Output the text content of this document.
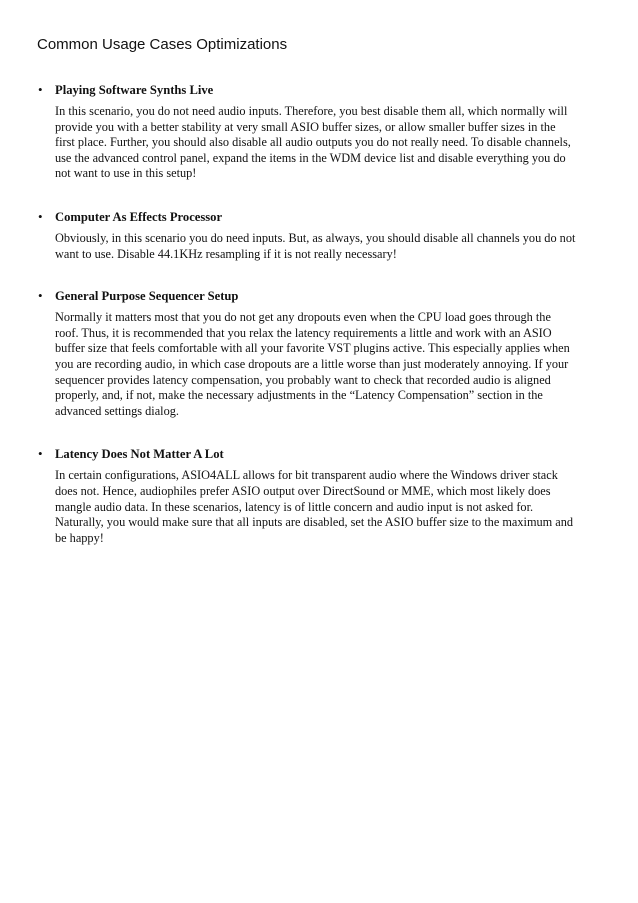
Common Usage Cases Optimizations
• Playing Software Synths Live
In this scenario, you do not need audio inputs. Therefore, you best disable them all, which normally will
provide you with a better stability at very small ASIO buffer sizes, or allow smaller buffer sizes in the
first place. Further, you should also disable all audio outputs you do not really need. To disable channels,
use the advanced control panel, expand the items in the WDM device list and disable everything you do
not want to use in this setup!
• Computer As Effects Processor
Obviously, in this scenario you do need inputs. But, as always, you should disable all channels you do not
want to use. Disable 44.1KHz resampling if it is not really necessary!
• General Purpose Sequencer Setup
Normally it matters most that you do not get any dropouts even when the CPU load goes through the
roof. Thus, it is recommended that you relax the latency requirements a little and work with an ASIO
buffer size that feels comfortable with all your favorite VST plugins active. This especially applies when
you are recording audio, in which case dropouts are a little worse than just moderately annoying. If your
sequencer provides latency compensation, you probably want to check that recorded audio is aligned
properly, and, if not, make the necessary adjustments in the “Latency Compensation” section in the
advanced settings dialog.
• Latency Does Not Matter A Lot
In certain configurations, ASIO4ALL allows for bit transparent audio where the Windows driver stack
does not. Hence, audiophiles prefer ASIO output over DirectSound or MME, which most likely does
mangle audio data. In these scenarios, latency is of little concern and audio input is not asked for.
Naturally, you would make sure that all inputs are disabled, set the ASIO buffer size to the maximum and
be happy!
